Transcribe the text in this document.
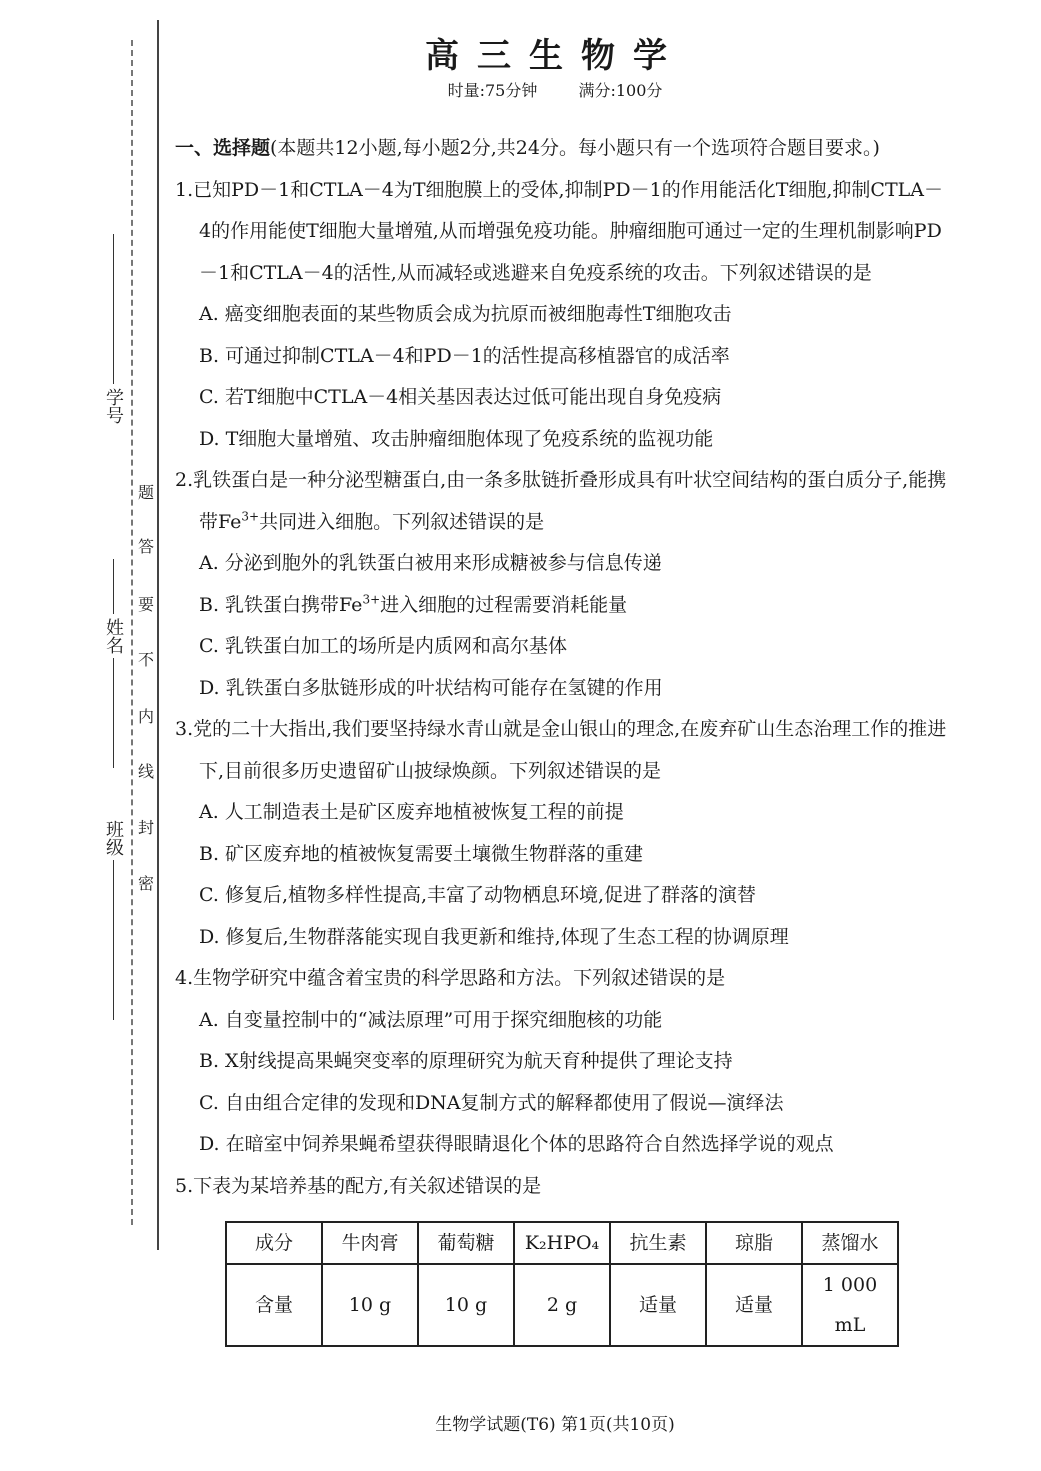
学号
姓名
班级
题
答
要
不
内
线
封
密
高三生物学
时量:75分钟	满分:100分
一、选择题(本题共12小题,每小题2分,共24分。每小题只有一个选项符合题目要求。)
1.已知PD－1和CTLA－4为T细胞膜上的受体,抑制PD－1的作用能活化T细胞,抑制CTLA－4的作用能使T细胞大量增殖,从而增强免疫功能。肿瘤细胞可通过一定的生理机制影响PD－1和CTLA－4的活性,从而减轻或逃避来自免疫系统的攻击。下列叙述错误的是
A. 癌变细胞表面的某些物质会成为抗原而被细胞毒性T细胞攻击
B. 可通过抑制CTLA－4和PD－1的活性提高移植器官的成活率
C. 若T细胞中CTLA－4相关基因表达过低可能出现自身免疫病
D. T细胞大量增殖、攻击肿瘤细胞体现了免疫系统的监视功能
2.乳铁蛋白是一种分泌型糖蛋白,由一条多肽链折叠形成具有叶状空间结构的蛋白质分子,能携带$Fe^{3+}$共同进入细胞。下列叙述错误的是
A. 分泌到胞外的乳铁蛋白被用来形成糖被参与信息传递
B. 乳铁蛋白携带$Fe^{3+}$进入细胞的过程需要消耗能量
C. 乳铁蛋白加工的场所是内质网和高尔基体
D. 乳铁蛋白多肽链形成的叶状结构可能存在氢键的作用
3.党的二十大指出,我们要坚持绿水青山就是金山银山的理念,在废弃矿山生态治理工作的推进下,目前很多历史遗留矿山披绿焕颜。下列叙述错误的是
A. 人工制造表土是矿区废弃地植被恢复工程的前提
B. 矿区废弃地的植被恢复需要土壤微生物群落的重建
C. 修复后,植物多样性提高,丰富了动物栖息环境,促进了群落的演替
D. 修复后,生物群落能实现自我更新和维持,体现了生态工程的协调原理
4.生物学研究中蕴含着宝贵的科学思路和方法。下列叙述错误的是
A. 自变量控制中的“减法原理”可用于探究细胞核的功能
B. X射线提高果蝇突变率的原理研究为航天育种提供了理论支持
C. 自由组合定律的发现和DNA复制方式的解释都使用了假说—演绎法
D. 在暗室中饲养果蝇希望获得眼睛退化个体的思路符合自然选择学说的观点
5.下表为某培养基的配方,有关叙述错误的是
成分	牛肉膏	葡萄糖	K₂HPO₄	抗生素	琼脂	蒸馏水
含量	10 g	10 g	2 g	适量	适量	1 000 mL
生物学试题(T6) 第1页(共10页)
